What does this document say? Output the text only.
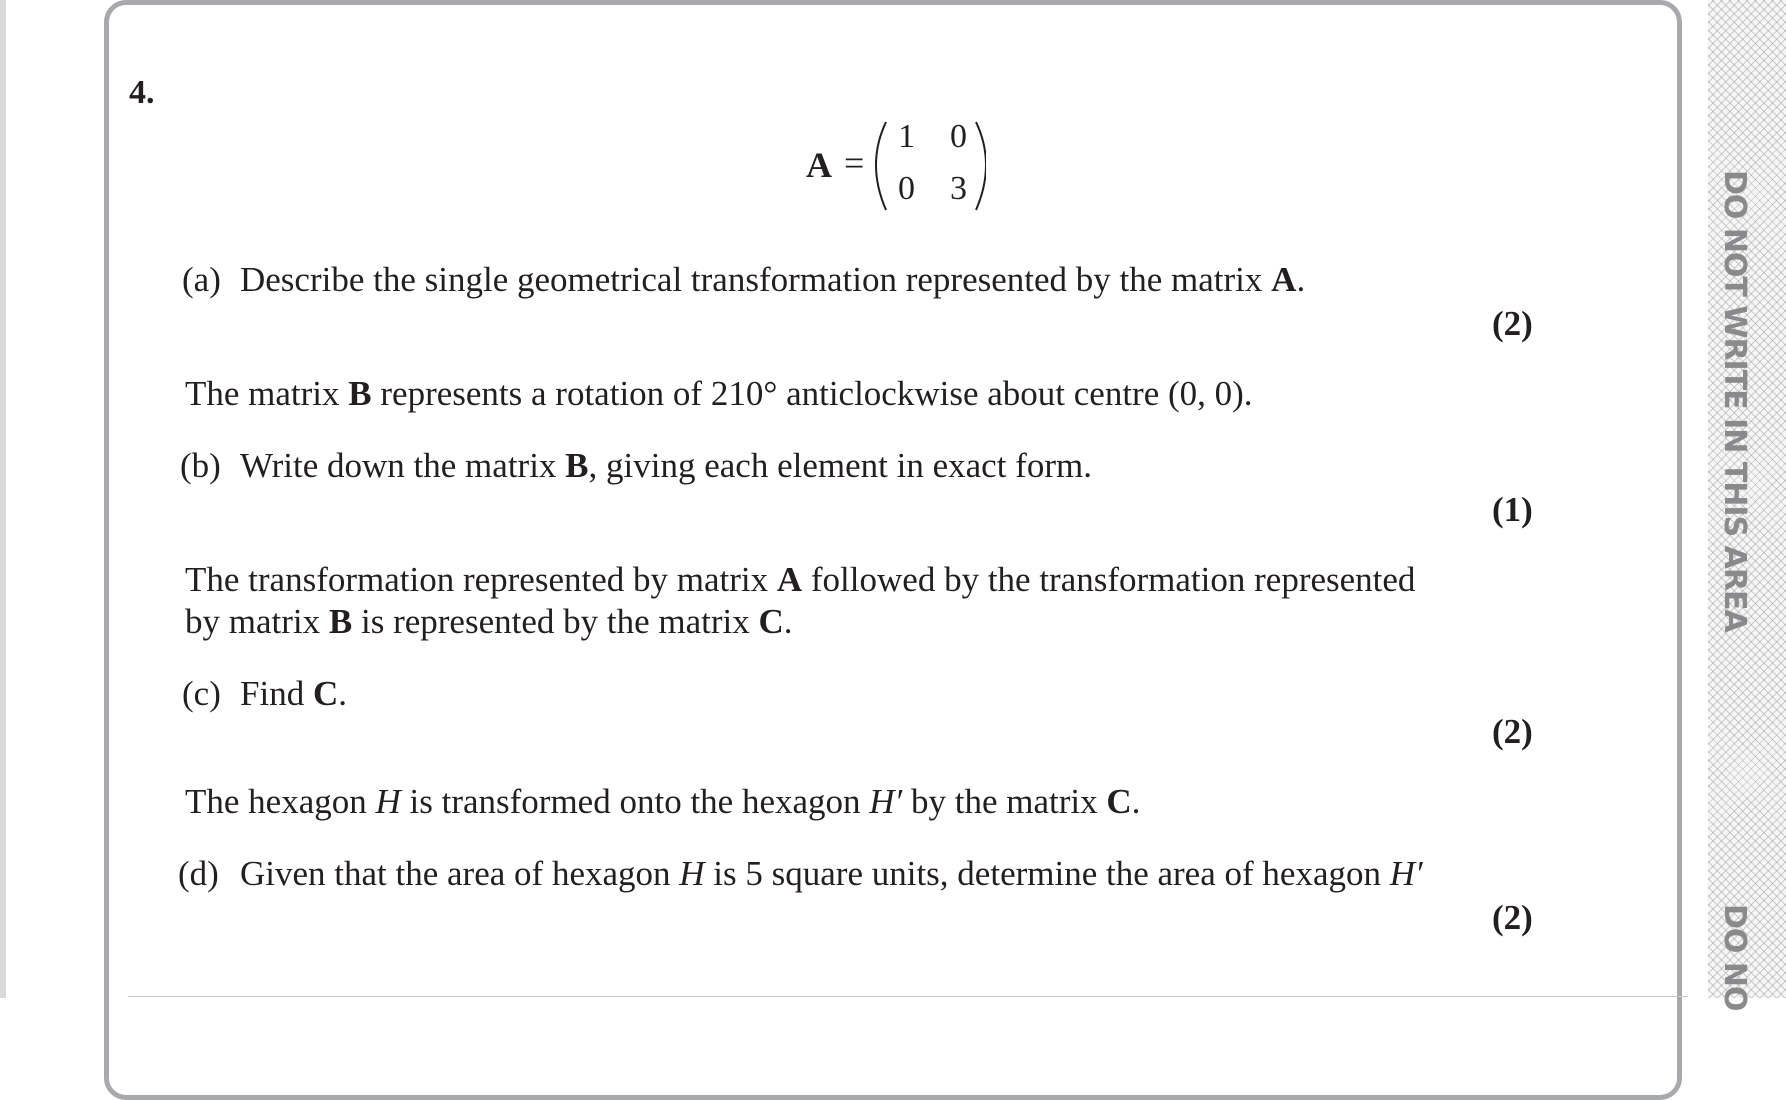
DO NOT WRITE IN THIS AREA
DO NO
4.
A =
1 0
0 3
(a) Describe the single geometrical transformation represented by the matrix A.
(2)
The matrix B represents a rotation of 210° anticlockwise about centre (0, 0).
(b) Write down the matrix B, giving each element in exact form.
(1)
The transformation represented by matrix A followed by the transformation represented
by matrix B is represented by the matrix C.
(c) Find C.
(2)
The hexagon H is transformed onto the hexagon H′ by the matrix C.
(d) Given that the area of hexagon H is 5 square units, determine the area of hexagon H′
(2)
